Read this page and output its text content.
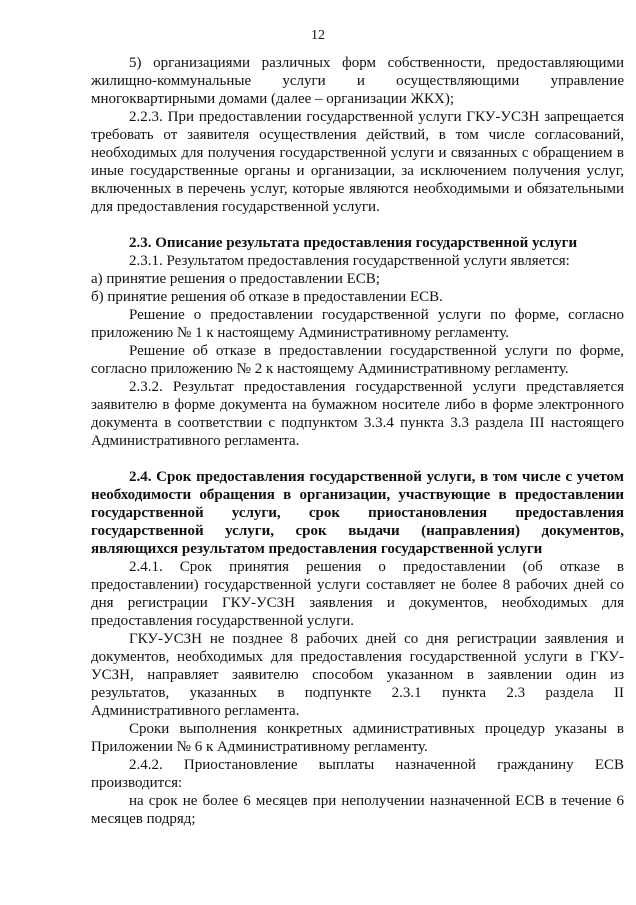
12

5) организациями различных форм собственности, предоставляющими жилищно-коммунальные услуги и осуществляющими управление многоквартирными домами (далее – организации ЖКХ);

2.2.3. При предоставлении государственной услуги ГКУ-УСЗН запрещается требовать от заявителя осуществления действий, в том числе согласований, необходимых для получения государственной услуги и связанных с обращением в иные государственные органы и организации, за исключением получения услуг, включенных в перечень услуг, которые являются необходимыми и обязательными для предоставления государственной услуги.

2.3. Описание результата предоставления государственной услуги

2.3.1. Результатом предоставления государственной услуги является:

а) принятие решения о предоставлении ЕСВ;

б) принятие решения об отказе в предоставлении ЕСВ.

Решение о предоставлении государственной услуги по форме, согласно приложению № 1 к настоящему Административному регламенту.

Решение об отказе в предоставлении государственной услуги по форме, согласно приложению № 2 к настоящему Административному регламенту.

2.3.2. Результат предоставления государственной услуги представляется заявителю в форме документа на бумажном носителе либо в форме электронного документа в соответствии с подпунктом 3.3.4 пункта 3.3 раздела III настоящего Административного регламента.

2.4. Срок предоставления государственной услуги, в том числе с учетом необходимости обращения в организации, участвующие в предоставлении государственной услуги, срок приостановления предоставления государственной услуги, срок выдачи (направления) документов, являющихся результатом предоставления государственной услуги

2.4.1. Срок принятия решения о предоставлении (об отказе в предоставлении) государственной услуги составляет не более 8 рабочих дней со дня регистрации ГКУ-УСЗН заявления и документов, необходимых для предоставления государственной услуги.

ГКУ-УСЗН не позднее 8 рабочих дней со дня регистрации заявления и документов, необходимых для предоставления государственной услуги в ГКУ-УСЗН, направляет заявителю способом указанном в заявлении один из результатов, указанных в подпункте 2.3.1 пункта 2.3 раздела II Административного регламента.

Сроки выполнения конкретных административных процедур указаны в Приложении № 6 к Административному регламенту.

2.4.2. Приостановление выплаты назначенной гражданину ЕСВ производится:

на срок не более 6 месяцев при неполучении назначенной ЕСВ в течение 6 месяцев подряд;
